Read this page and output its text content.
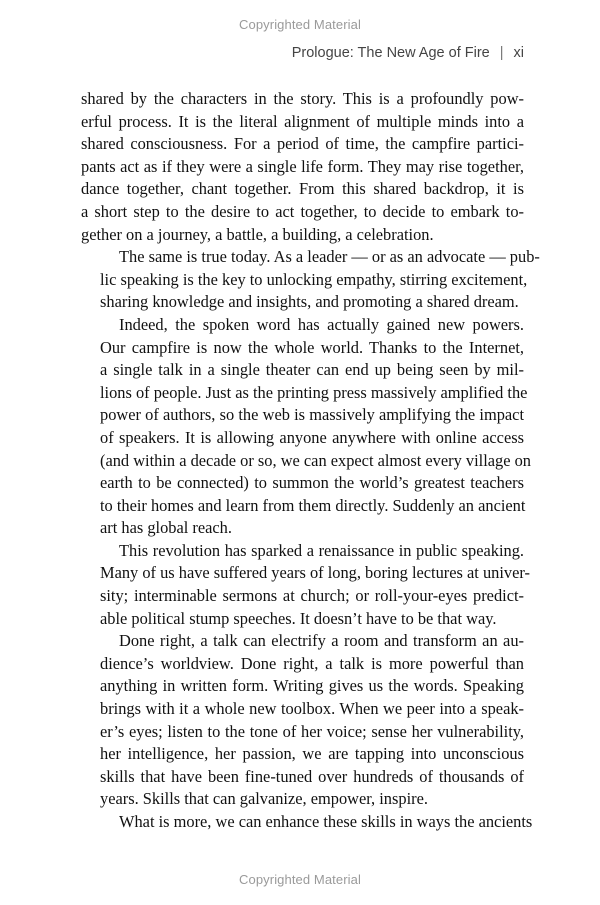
Copyrighted Material
Prologue: The New Age of Fire | xi

shared by the characters in the story. This is a profoundly pow-
erful process. It is the literal alignment of multiple minds into a
shared consciousness. For a period of time, the campfire partici-
pants act as if they were a single life form. They may rise together,
dance together, chant together. From this shared backdrop, it is
a short step to the desire to act together, to decide to embark to-
gether on a journey, a battle, a building, a celebration.

The same is true today. As a leader — or as an advocate — pub-
lic speaking is the key to unlocking empathy, stirring excitement,
sharing knowledge and insights, and promoting a shared dream.

Indeed, the spoken word has actually gained new powers.
Our campfire is now the whole world. Thanks to the Internet,
a single talk in a single theater can end up being seen by mil-
lions of people. Just as the printing press massively amplified the
power of authors, so the web is massively amplifying the impact
of speakers. It is allowing anyone anywhere with online access
(and within a decade or so, we can expect almost every village on
earth to be connected) to summon the world’s greatest teachers
to their homes and learn from them directly. Suddenly an ancient
art has global reach.

This revolution has sparked a renaissance in public speaking.
Many of us have suffered years of long, boring lectures at univer-
sity; interminable sermons at church; or roll-your-eyes predict-
able political stump speeches. It doesn’t have to be that way.

Done right, a talk can electrify a room and transform an au-
dience’s worldview. Done right, a talk is more powerful than
anything in written form. Writing gives us the words. Speaking
brings with it a whole new toolbox. When we peer into a speak-
er’s eyes; listen to the tone of her voice; sense her vulnerability,
her intelligence, her passion, we are tapping into unconscious
skills that have been fine-tuned over hundreds of thousands of
years. Skills that can galvanize, empower, inspire.

What is more, we can enhance these skills in ways the ancients

Copyrighted Material
